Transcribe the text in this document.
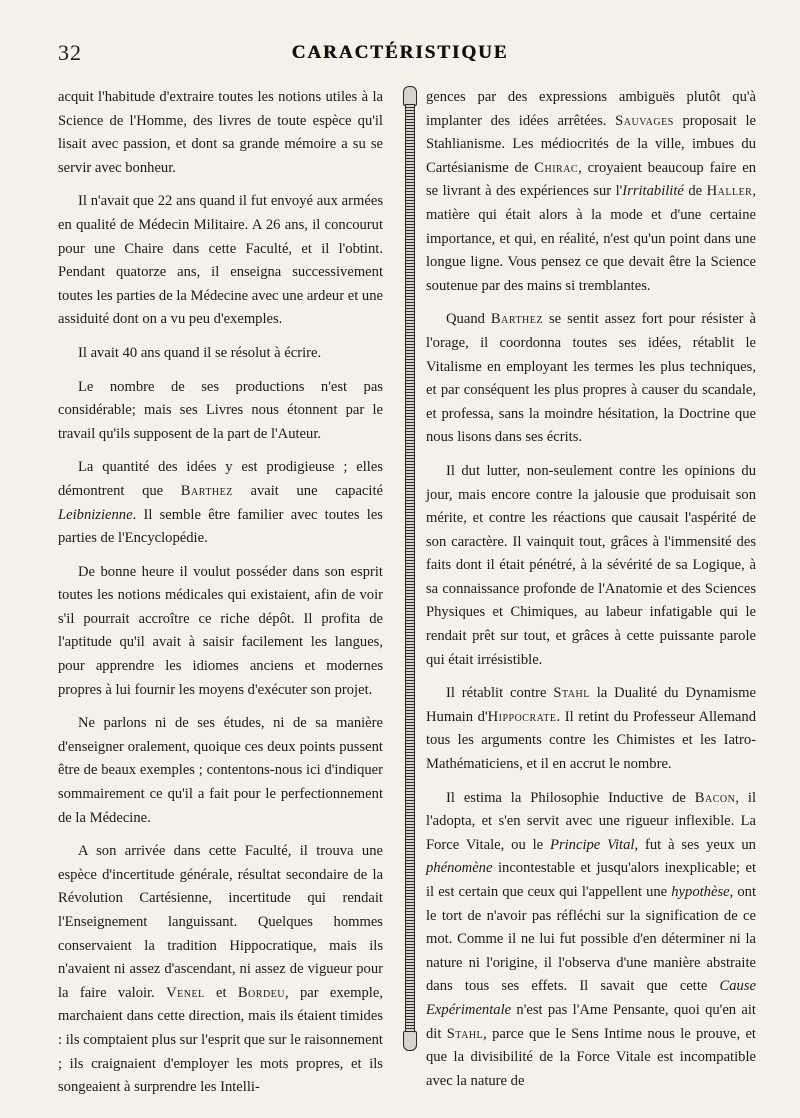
32	CARACTÉRISTIQUE

acquit l'habitude d'extraire toutes les notions utiles à la Science de l'Homme, des livres de toute espèce qu'il lisait avec passion, et dont sa grande mémoire a su se servir avec bonheur.

Il n'avait que 22 ans quand il fut envoyé aux armées en qualité de Médecin Militaire. A 26 ans, il concourut pour une Chaire dans cette Faculté, et il l'obtint. Pendant quatorze ans, il enseigna successivement toutes les parties de la Médecine avec une ardeur et une assiduité dont on a vu peu d'exemples.

Il avait 40 ans quand il se résolut à écrire.

Le nombre de ses productions n'est pas considérable; mais ses Livres nous étonnent par le travail qu'ils supposent de la part de l'Auteur.

La quantité des idées y est prodigieuse ; elles démontrent que Barthez avait une capacité Leibnizienne. Il semble être familier avec toutes les parties de l'Encyclopédie.

De bonne heure il voulut posséder dans son esprit toutes les notions médicales qui existaient, afin de voir s'il pourrait accroître ce riche dépôt. Il profita de l'aptitude qu'il avait à saisir facilement les langues, pour apprendre les idiomes anciens et modernes propres à lui fournir les moyens d'exécuter son projet.

Ne parlons ni de ses études, ni de sa manière d'enseigner oralement, quoique ces deux points pussent être de beaux exemples ; contentons-nous ici d'indiquer sommairement ce qu'il a fait pour le perfectionnement de la Médecine.

A son arrivée dans cette Faculté, il trouva une espèce d'incertitude générale, résultat secondaire de la Révolution Cartésienne, incertitude qui rendait l'Enseignement languissant. Quelques hommes conservaient la tradition Hippocratique, mais ils n'avaient ni assez d'ascendant, ni assez de vigueur pour la faire valoir. Venel et Bordeu, par exemple, marchaient dans cette direction, mais ils étaient timides : ils comptaient plus sur l'esprit que sur le raisonnement ; ils craignaient d'employer les mots propres, et ils songeaient à surprendre les Intelli-

gences par des expressions ambiguës plutôt qu'à implanter des idées arrêtées. Sauvages proposait le Stahlianisme. Les médiocrités de la ville, imbues du Cartésianisme de Chirac, croyaient beaucoup faire en se livrant à des expériences sur l'Irritabilité de Haller, matière qui était alors à la mode et d'une certaine importance, et qui, en réalité, n'est qu'un point dans une longue ligne. Vous pensez ce que devait être la Science soutenue par des mains si tremblantes.

Quand Barthez se sentit assez fort pour résister à l'orage, il coordonna toutes ses idées, rétablit le Vitalisme en employant les termes les plus techniques, et par conséquent les plus propres à causer du scandale, et professa, sans la moindre hésitation, la Doctrine que nous lisons dans ses écrits.

Il dut lutter, non-seulement contre les opinions du jour, mais encore contre la jalousie que produisait son mérite, et contre les réactions que causait l'aspérité de son caractère. Il vainquit tout, grâces à l'immensité des faits dont il était pénétré, à la sévérité de sa Logique, à sa connaissance profonde de l'Anatomie et des Sciences Physiques et Chimiques, au labeur infatigable qui le rendait prêt sur tout, et grâces à cette puissante parole qui était irrésistible.

Il rétablit contre Stahl la Dualité du Dynamisme Humain d'Hippocrate. Il retint du Professeur Allemand tous les arguments contre les Chimistes et les Iatro-Mathématiciens, et il en accrut le nombre.

Il estima la Philosophie Inductive de Bacon, il l'adopta, et s'en servit avec une rigueur inflexible. La Force Vitale, ou le Principe Vital, fut à ses yeux un phénomène incontestable et jusqu'alors inexplicable; et il est certain que ceux qui l'appellent une hypothèse, ont le tort de n'avoir pas réfléchi sur la signification de ce mot. Comme il ne lui fut possible d'en déterminer ni la nature ni l'origine, il l'observa d'une manière abstraite dans tous ses effets. Il savait que cette Cause Expérimentale n'est pas l'Ame Pensante, quoi qu'en ait dit Stahl, parce que le Sens Intime nous le prouve, et que la divisibilité de la Force Vitale est incompatible avec la nature de
